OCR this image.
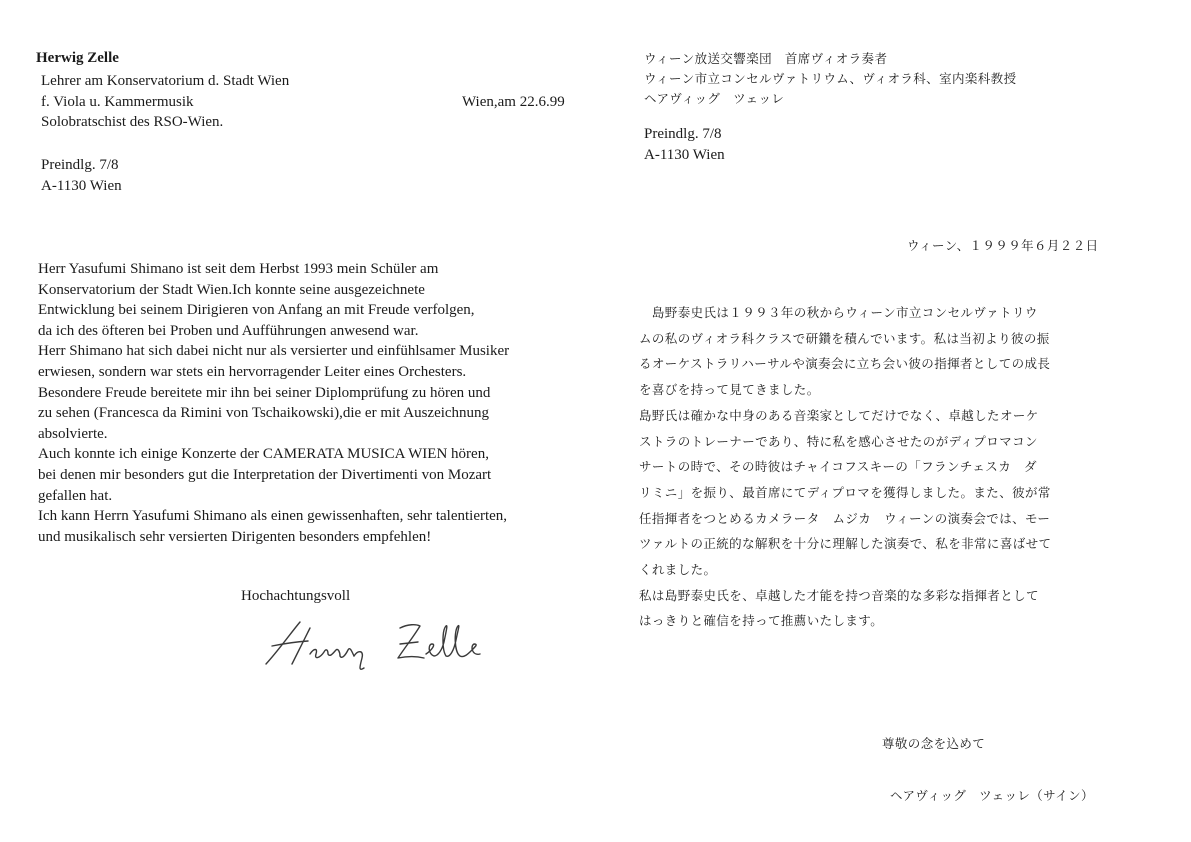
Herwig Zelle

Lehrer am Konservatorium d. Stadt Wien
f. Viola u. Kammermusik
Solobratschist des RSO-Wien.

Wien,am 22.6.99

Preindlg. 7/8
A-1130 Wien
Herr Yasufumi Shimano ist seit dem Herbst 1993 mein Schüler am
Konservatorium der Stadt Wien.Ich konnte seine ausgezeichnete
Entwicklung bei seinem Dirigieren von Anfang an mit Freude verfolgen,
da ich des öfteren bei Proben und Aufführungen anwesend war.
Herr Shimano hat sich dabei nicht nur als versierter und einfühlsamer Musiker
erwiesen, sondern war stets ein hervorragender Leiter eines Orchesters.
Besondere Freude bereitete mir ihn bei seiner Diplomprüfung zu hören und
zu sehen (Francesca da Rimini von Tschaikowski),die er mit Auszeichnung
absolvierte.
Auch konnte ich einige Konzerte der CAMERATA MUSICA WIEN hören,
bei denen mir besonders gut die Interpretation der Divertimenti von Mozart
gefallen hat.
Ich kann Herrn Yasufumi Shimano als einen gewissenhaften, sehr talentierten,
und musikalisch sehr versierten Dirigenten besonders empfehlen!

Hochachtungsvoll

ウィーン放送交響楽団　首席ヴィオラ奏者
ウィーン市立コンセルヴァトリウム、ヴィオラ科、室内楽科教授
ヘアヴィッグ　ツェッレ
Preindlg. 7/8
A-1130 Wien

ウィーン、１９９９年６月２２日

　島野泰史氏は１９９３年の秋からウィーン市立コンセルヴァトリウ
ムの私のヴィオラ科クラスで研鑽を積んでいます。私は当初より彼の振
るオーケストラリハーサルや演奏会に立ち会い彼の指揮者としての成長
を喜びを持って見てきました。
島野氏は確かな中身のある音楽家としてだけでなく、卓越したオーケ
ストラのトレーナーであり、特に私を感心させたのがディプロマコン
サートの時で、その時彼はチャイコフスキーの「フランチェスカ　ダ
リミニ」を振り、最首席にてディプロマを獲得しました。また、彼が常
任指揮者をつとめるカメラータ　ムジカ　ウィーンの演奏会では、モー
ツァルトの正統的な解釈を十分に理解した演奏で、私を非常に喜ばせて
くれました。
私は島野泰史氏を、卓越した才能を持つ音楽的な多彩な指揮者として
はっきりと確信を持って推薦いたします。

尊敬の念を込めて

ヘアヴィッグ　ツェッレ（サイン）
